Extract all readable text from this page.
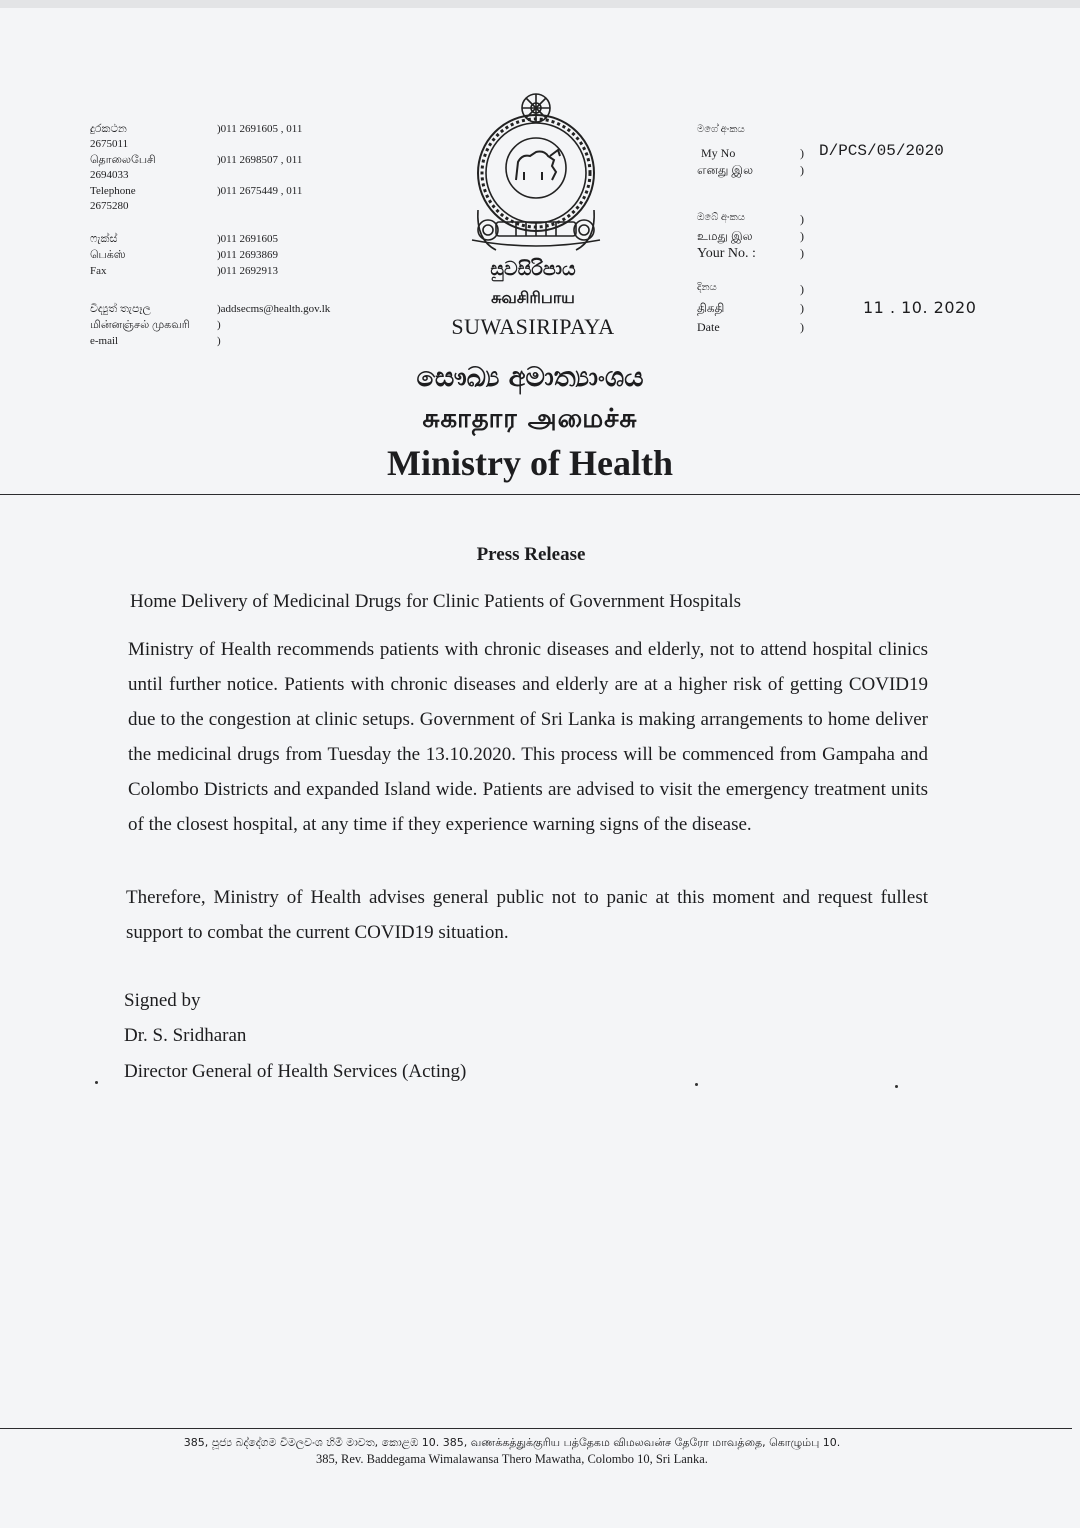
දුරකථන	)011 2691605 , 011
2675011
தொலைபேசி	)011 2698507 , 011
2694033
Telephone	)011 2675449 , 011
2675280
ෆැක්ස්	)011 2691605
பெக்ஸ்	)011 2693869
Fax	)011 2692913
විද්‍යුත් තැපෑල	)addsecms@health.gov.lk
மின்னஞ்சல் முகவரி	)
e-mail	)
සුවසිරිපාය
சுவசிரிபாய
SUWASIRIPAYA
මගේ අංකය
My No	)
எனது இல	)
D/PCS/05/2020
ඔබේ අංකය	)
உமது இல	)
Your No. :	)
දිනය	)
திகதி	)
Date	)
11 . 10. 2020
සෞඛ්‍ය අමාත්‍යාංශය
சுகாதார அமைச்சு
Ministry of Health
Press Release
Home Delivery of Medicinal Drugs for Clinic Patients of Government Hospitals
Ministry of Health recommends patients with chronic diseases and elderly, not to attend hospital clinics until further notice. Patients with chronic diseases and elderly are at a higher risk of getting COVID19 due to the congestion at clinic setups. Government of Sri Lanka is making arrangements to home deliver the medicinal drugs from Tuesday the 13.10.2020. This process will be commenced from Gampaha and Colombo Districts and expanded Island wide. Patients are advised to visit the emergency treatment units of the closest hospital, at any time if they experience warning signs of the disease.
Therefore, Ministry of Health advises general public not to panic at this moment and request fullest support to combat the current COVID19 situation.
Signed by
Dr. S. Sridharan
Director General of Health Services (Acting)
385, පූජ්‍ය බද්දේගම විමලවංශ හිමි මාවත, කොළඹ 10. 385, வணக்கத்துக்குரிய பத்தேகம விமலவன்ச தேரோ மாவத்தை, கொழும்பு 10.
385, Rev. Baddegama Wimalawansa Thero Mawatha, Colombo 10, Sri Lanka.
